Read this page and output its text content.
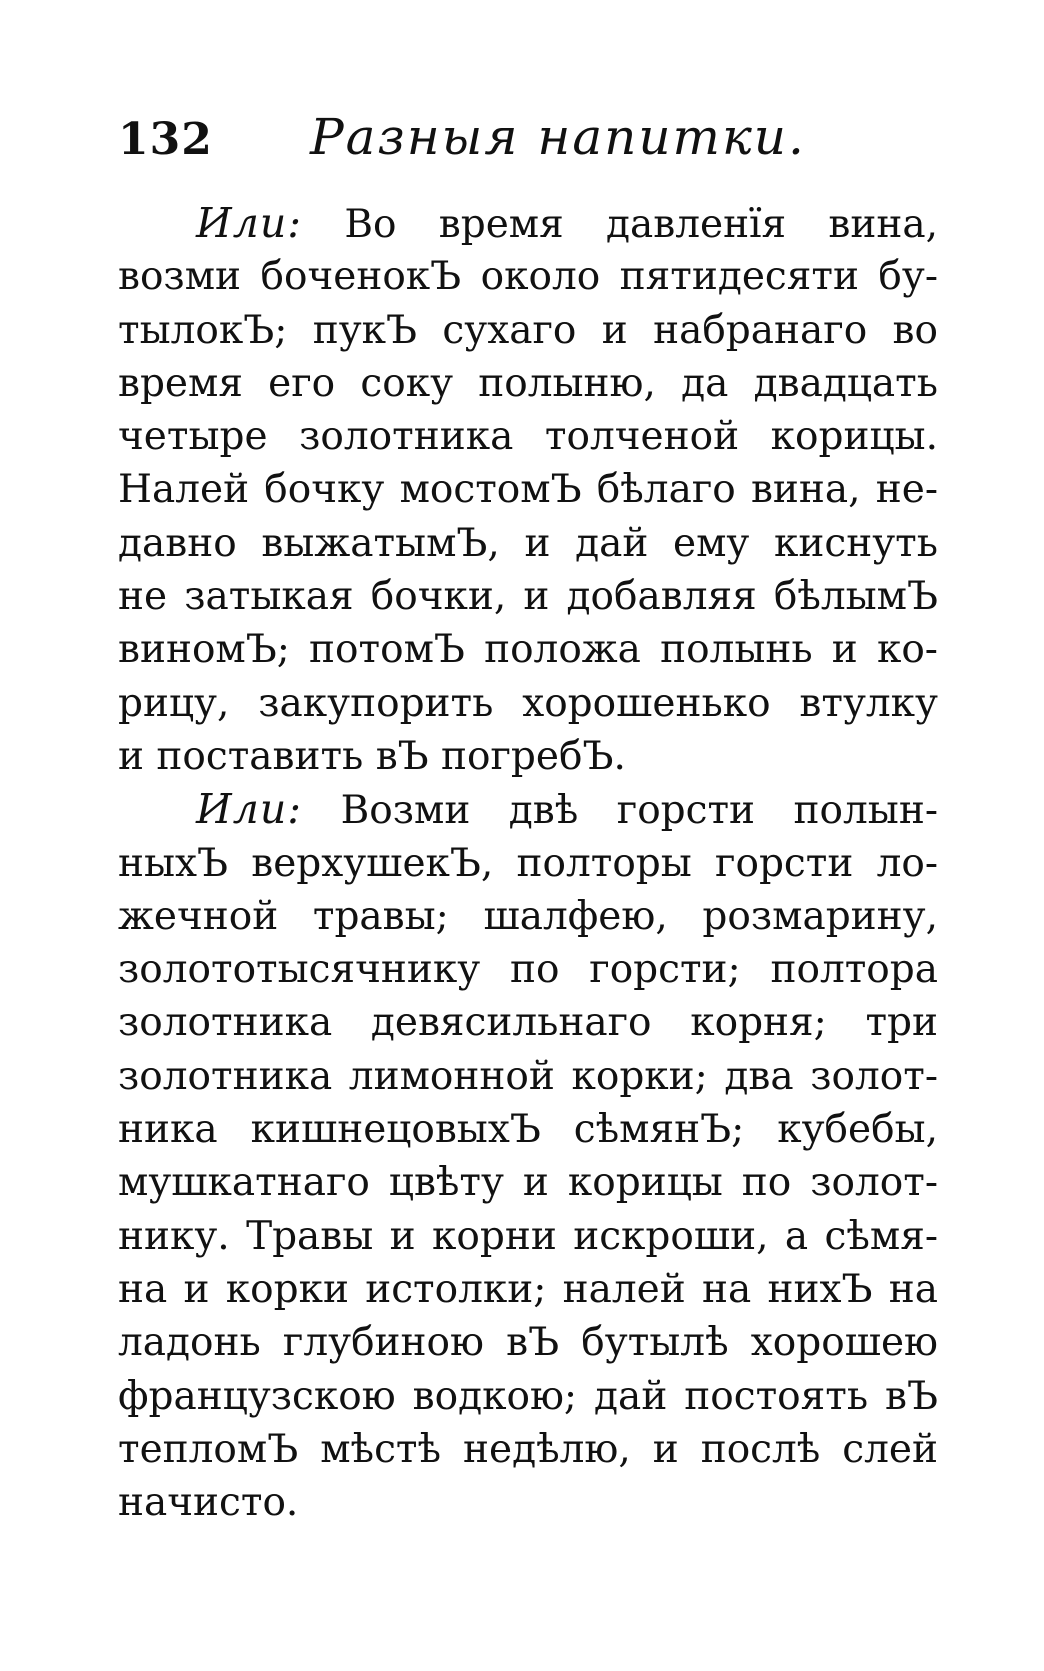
132 Разныя напитки.
Или: Во время давленїя вина,
возми боченокЪ около пятидесяти бу-
тылокЪ; пукЪ сухаго и набранаго во
время его соку полыню, да двадцать
четыре золотника толченой корицы.
Налей бочку мостомЪ бѣлаго вина, не-
давно выжатымЪ, и дай ему киснуть
не затыкая бочки, и добавляя бѣлымЪ
виномЪ; потомЪ положа полынь и ко-
рицу, закупорить хорошенько втулку
и поставить вЪ погребЪ.
Или: Возми двѣ горсти полын-
ныхЪ верхушекЪ, полторы горсти ло-
жечной травы; шалфею, розмарину,
золототысячнику по горсти; полтора
золотника девясильнаго корня; три
золотника лимонной корки; два золот-
ника кишнецовыхЪ сѣмянЪ; кубебы,
мушкатнаго цвѣту и корицы по золот-
нику. Травы и корни искроши, а сѣмя-
на и корки истолки; налей на нихЪ на
ладонь глубиною вЪ бутылѣ хорошею
французскою водкою; дай постоять вЪ
тепломЪ мѣстѣ недѣлю, и послѣ слей
начисто.
